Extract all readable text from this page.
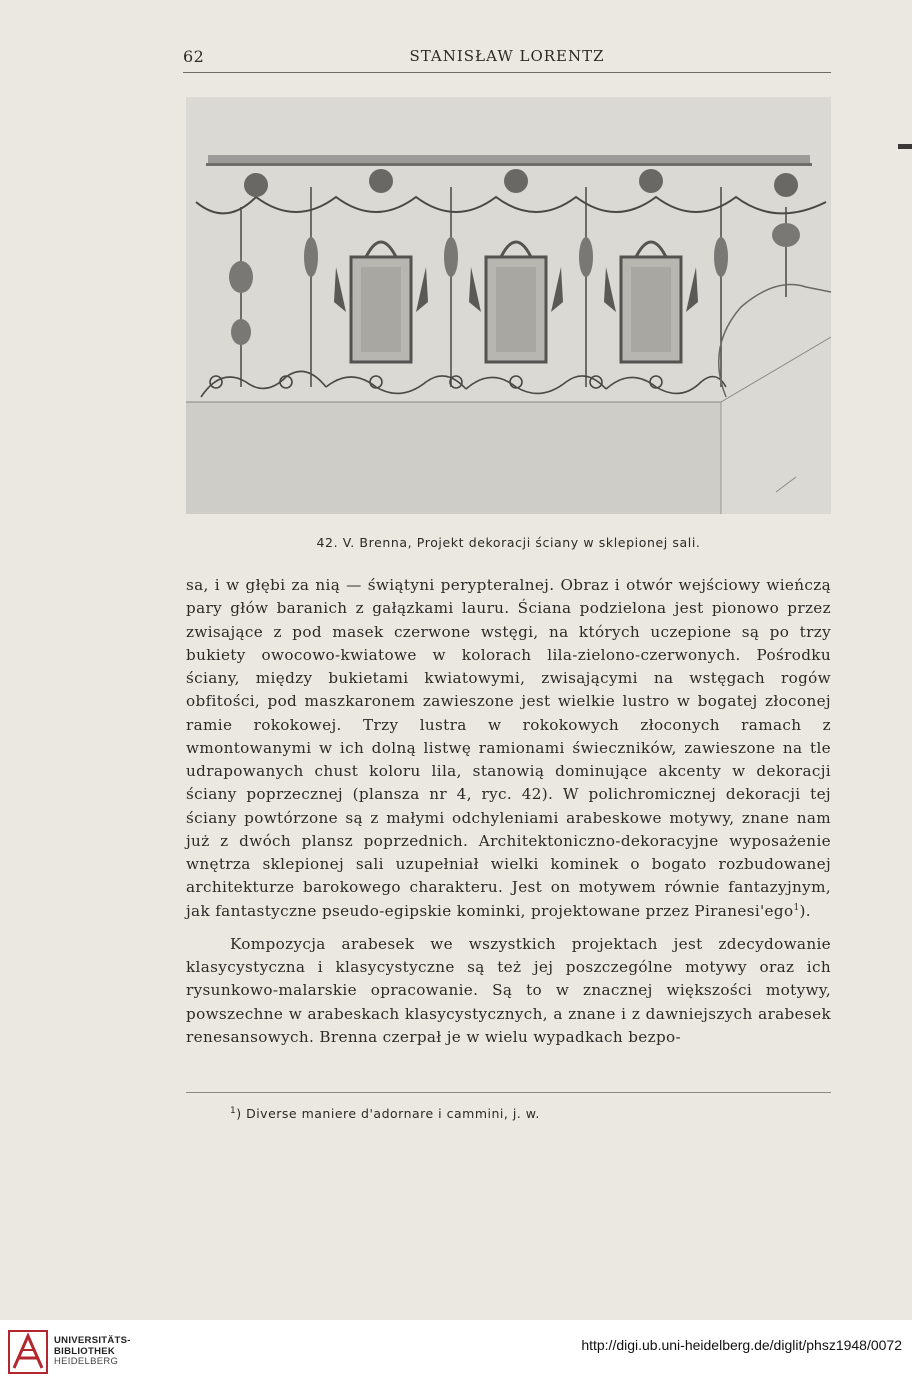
62	STANISŁAW LORENTZ
42. V. Brenna, Projekt dekoracji ściany w sklepionej sali.

sa, i w głębi za nią — świątyni perypteralnej. Obraz i otwór wejściowy wieńczą pary głów baranich z gałązkami lauru. Ściana podzielona jest pionowo przez zwisające z pod masek czerwone wstęgi, na których uczepione są po trzy bukiety owocowo-kwiatowe w kolorach lila-zielono-czerwonych. Pośrodku ściany, między bukietami kwiatowymi, zwisającymi na wstęgach rogów obfitości, pod maszkaronem zawieszone jest wielkie lustro w bogatej złoconej ramie rokokowej. Trzy lustra w rokokowych złoconych ramach z wmontowanymi w ich dolną listwę ramionami świeczników, zawieszone na tle udrapowanych chust koloru lila, stanowią dominujące akcenty w dekoracji ściany poprzecznej (plansza nr 4, ryc. 42). W polichromicznej dekoracji tej ściany powtórzone są z małymi odchyleniami arabeskowe motywy, znane nam już z dwóch plansz poprzednich. Architektoniczno-dekoracyjne wyposażenie wnętrza sklepionej sali uzupełniał wielki kominek o bogato rozbudowanej architekturze barokowego charakteru. Jest on motywem równie fantazyjnym, jak fantastyczne pseudo-egipskie kominki, projektowane przez Piranesi'ego$^1$).

Kompozycja arabesek we wszystkich projektach jest zdecydowanie klasycystyczna i klasycystyczne są też jej poszczególne motywy oraz ich rysunkowo-malarskie opracowanie. Są to w znacznej większości motywy, powszechne w arabeskach klasycystycznych, a znane i z dawniejszych arabesek renesansowych. Brenna czerpał je w wielu wypadkach bezpo-

$^1$) Diverse maniere d'adornare i cammini, j. w.
UNIVERSITÄTS-
BIBLIOTHEK
HEIDELBERG
http://digi.ub.uni-heidelberg.de/diglit/phsz1948/0072
